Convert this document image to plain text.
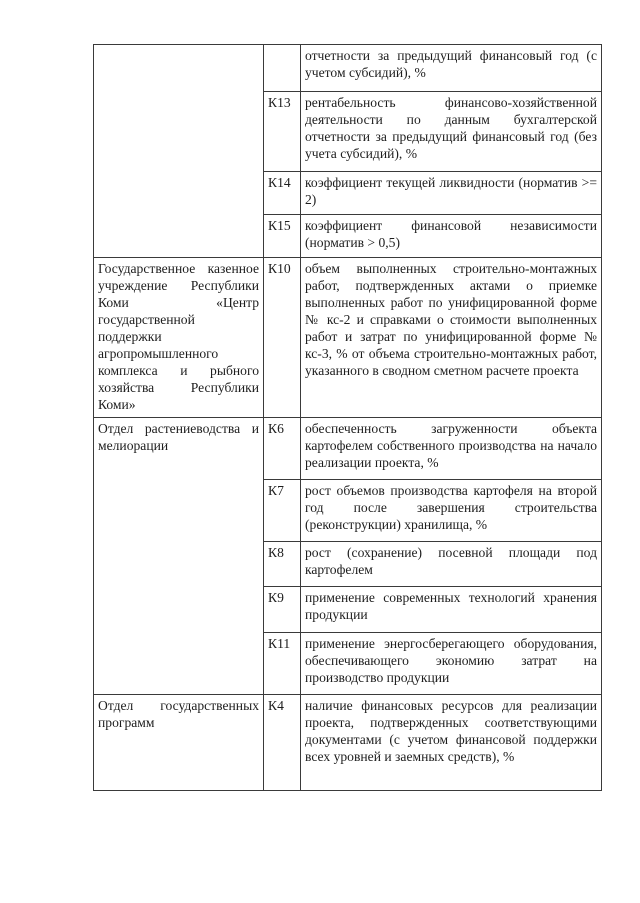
		отчетности за предыдущий финансовый год (с учетом субсидий), %
	К13	рентабельность финансово-хозяйственной деятельности по данным бухгалтерской отчетности за предыдущий финансовый год (без учета субсидий), %
	К14	коэффициент текущей ликвидности (норматив >= 2)
	К15	коэффициент финансовой независимости (норматив > 0,5)
Государственное казенное учреждение Республики Коми «Центр государственной поддержки агропромышленного комплекса и рыбного хозяйства Республики Коми»	К10	объем выполненных строительно-монтажных работ, подтвержденных актами о приемке выполненных работ по унифицированной форме № кс-2 и справками о стоимости выполненных работ и затрат по унифицированной форме № кс-3, % от объема строительно-монтажных работ, указанного в сводном сметном расчете проекта
Отдел растениеводства и мелиорации	К6	обеспеченность загруженности объекта картофелем собственного производства на начало реализации проекта, %
	К7	рост объемов производства картофеля на второй год после завершения строительства (реконструкции) хранилища, %
	К8	рост (сохранение) посевной площади под картофелем
	К9	применение современных технологий хранения продукции
	К11	применение энергосберегающего оборудования, обеспечивающего экономию затрат на производство продукции
Отдел государственных программ	К4	наличие финансовых ресурсов для реализации проекта, подтвержденных соответствующими документами (с учетом финансовой поддержки всех уровней и заемных средств), %
